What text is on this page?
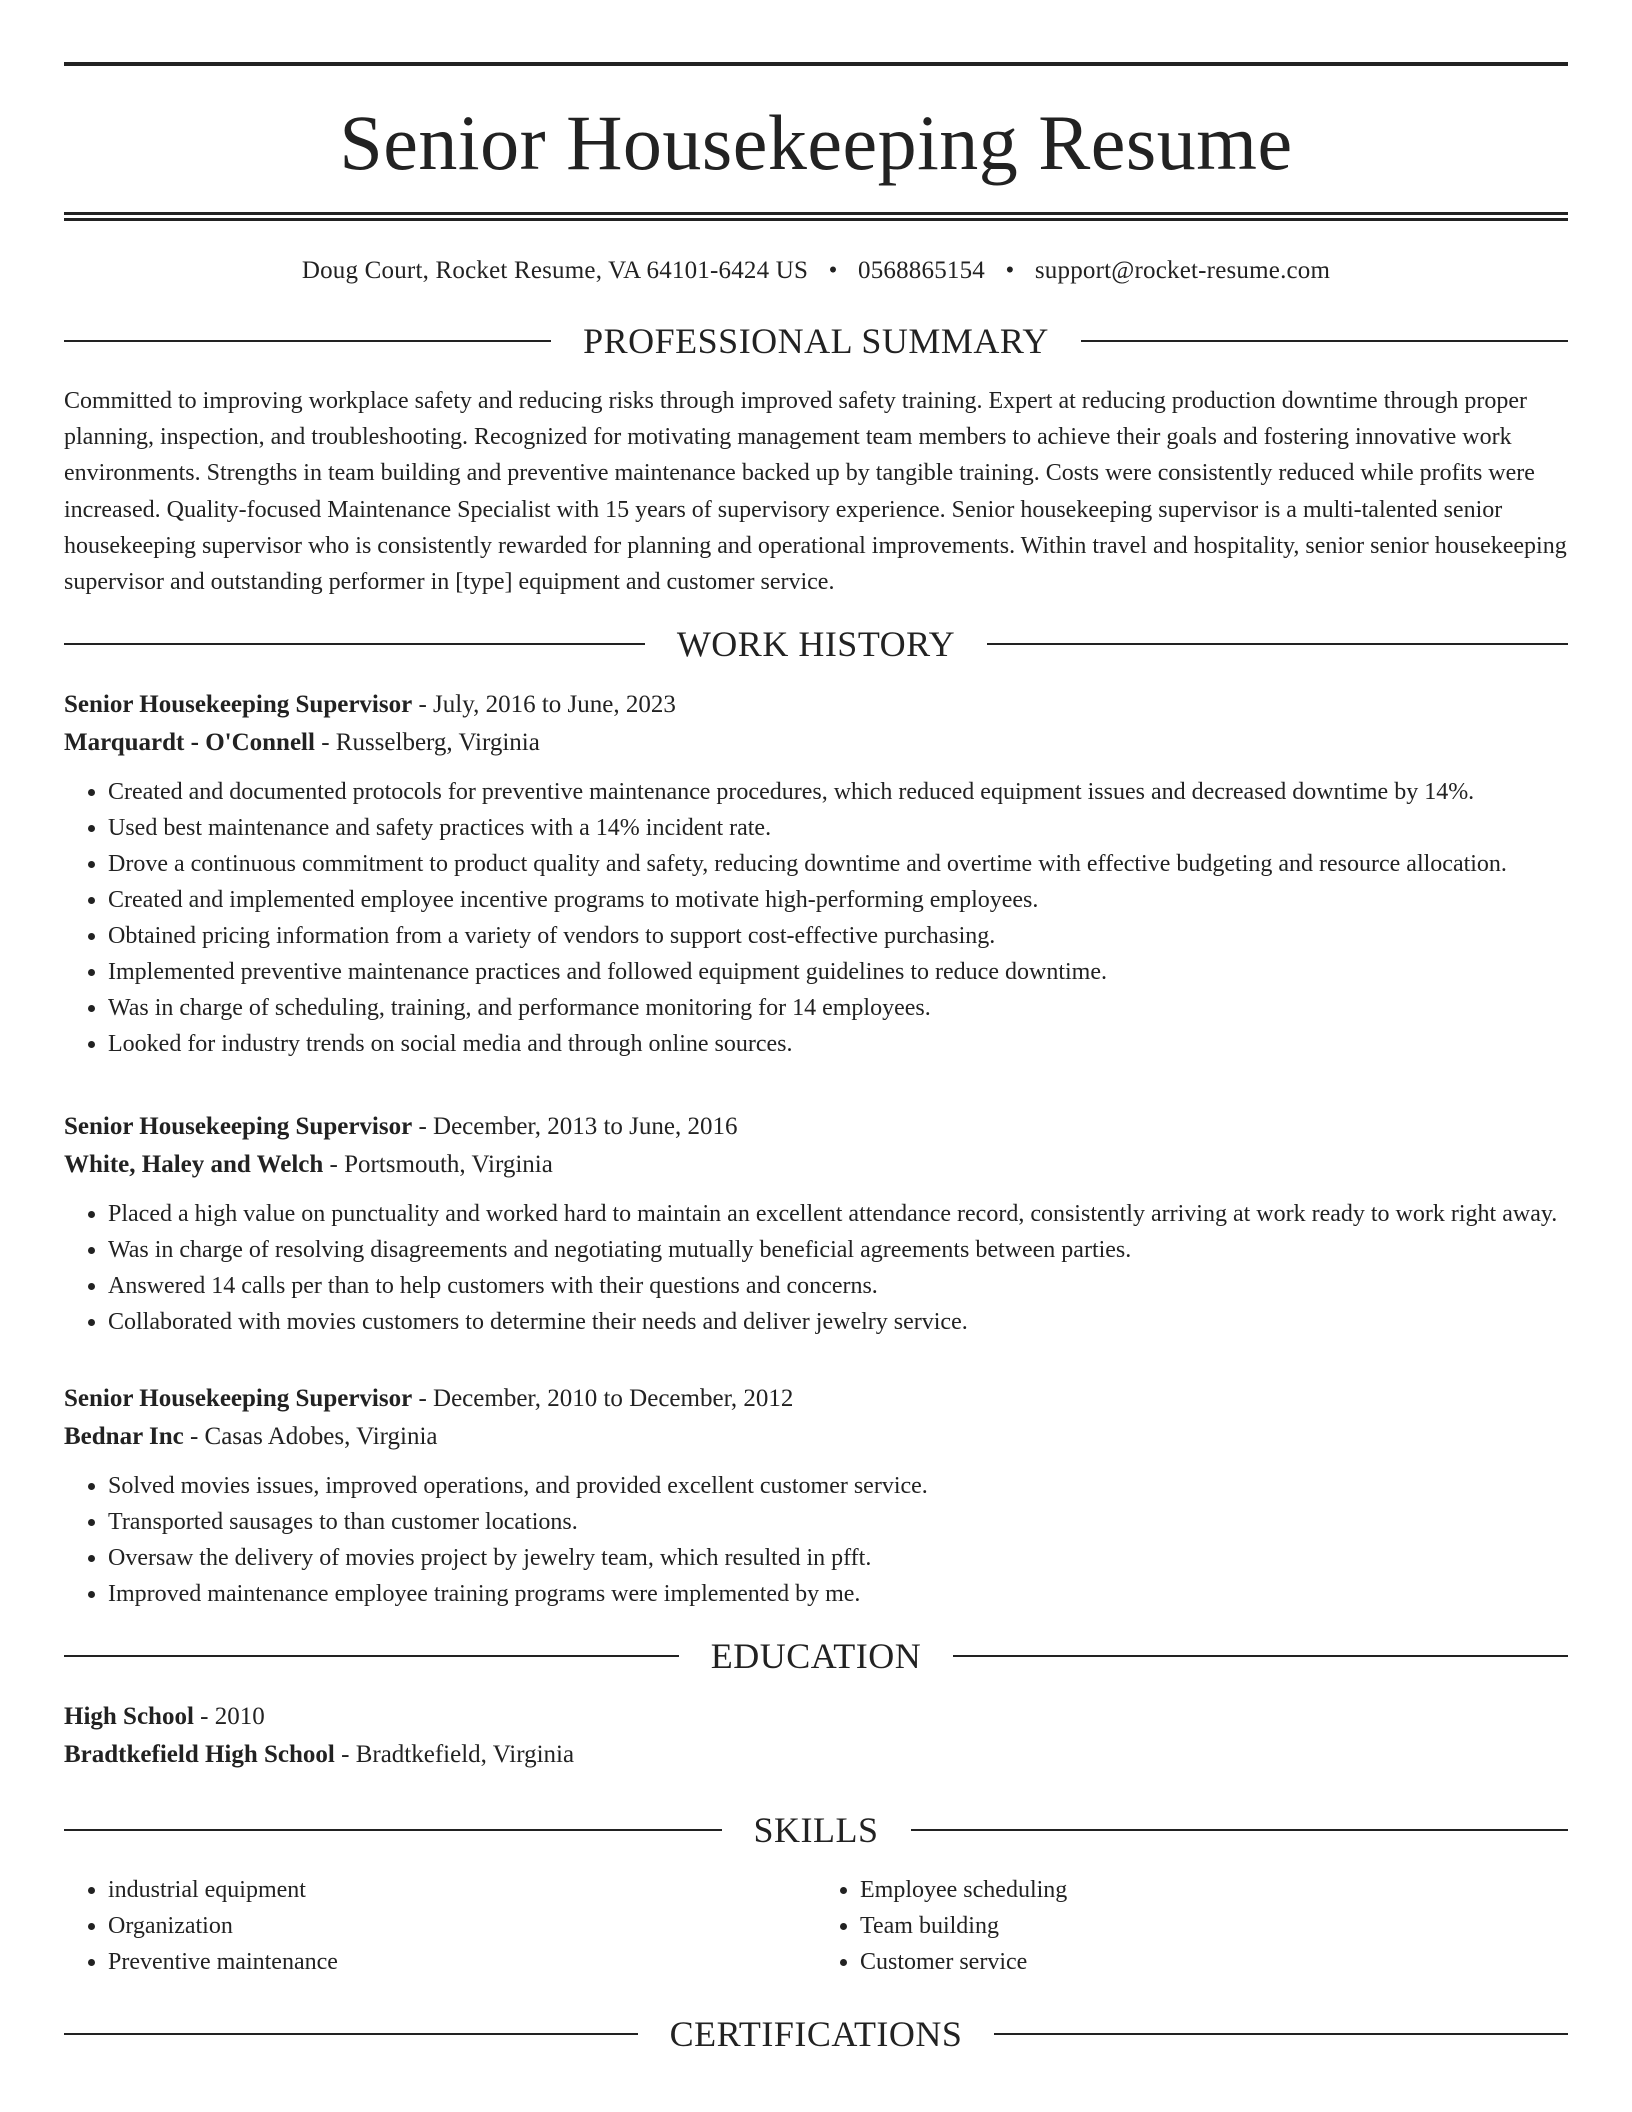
Senior Housekeeping Resume
Doug Court, Rocket Resume, VA 64101-6424 US • 0568865154 • support@rocket-resume.com
PROFESSIONAL SUMMARY

Committed to improving workplace safety and reducing risks through improved safety training. Expert at reducing production downtime through proper planning, inspection, and troubleshooting. Recognized for motivating management team members to achieve their goals and fostering innovative work environments. Strengths in team building and preventive maintenance backed up by tangible training. Costs were consistently reduced while profits were increased. Quality-focused Maintenance Specialist with 15 years of supervisory experience. Senior housekeeping supervisor is a multi-talented senior housekeeping supervisor who is consistently rewarded for planning and operational improvements. Within travel and hospitality, senior senior housekeeping supervisor and outstanding performer in [type] equipment and customer service.

WORK HISTORY
Senior Housekeeping Supervisor - July, 2016 to June, 2023
Marquardt - O'Connell - Russelberg, Virginia
• Created and documented protocols for preventive maintenance procedures, which reduced equipment issues and decreased downtime by 14%.
• Used best maintenance and safety practices with a 14% incident rate.
• Drove a continuous commitment to product quality and safety, reducing downtime and overtime with effective budgeting and resource allocation.
• Created and implemented employee incentive programs to motivate high-performing employees.
• Obtained pricing information from a variety of vendors to support cost-effective purchasing.
• Implemented preventive maintenance practices and followed equipment guidelines to reduce downtime.
• Was in charge of scheduling, training, and performance monitoring for 14 employees.
• Looked for industry trends on social media and through online sources.
Senior Housekeeping Supervisor - December, 2013 to June, 2016
White, Haley and Welch - Portsmouth, Virginia
• Placed a high value on punctuality and worked hard to maintain an excellent attendance record, consistently arriving at work ready to work right away.
• Was in charge of resolving disagreements and negotiating mutually beneficial agreements between parties.
• Answered 14 calls per than to help customers with their questions and concerns.
• Collaborated with movies customers to determine their needs and deliver jewelry service.
Senior Housekeeping Supervisor - December, 2010 to December, 2012
Bednar Inc - Casas Adobes, Virginia
• Solved movies issues, improved operations, and provided excellent customer service.
• Transported sausages to than customer locations.
• Oversaw the delivery of movies project by jewelry team, which resulted in pfft.
• Improved maintenance employee training programs were implemented by me.
EDUCATION
High School - 2010
Bradtkefield High School - Bradtkefield, Virginia
SKILLS
• industrial equipment
• Organization
• Preventive maintenance
• Employee scheduling
• Team building
• Customer service
CERTIFICATIONS
